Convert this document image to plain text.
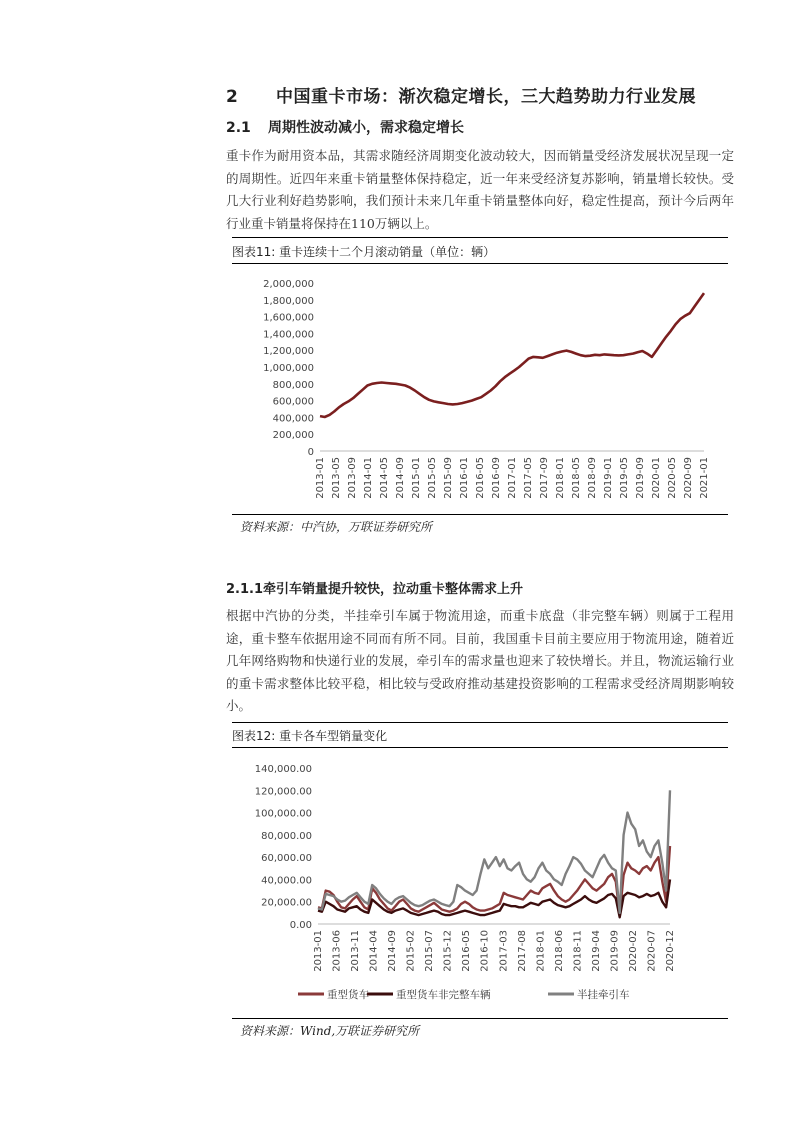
2 中国重卡市场：渐次稳定增长，三大趋势助力行业发展
2.1 周期性波动减小，需求稳定增长

重卡作为耐用资本品，其需求随经济周期变化波动较大，因而销量受经济发展状况呈现一定的周期性。近四年来重卡销量整体保持稳定，近一年来受经济复苏影响，销量增长较快。受几大行业利好趋势影响，我们预计未来几年重卡销量整体向好，稳定性提高，预计今后两年行业重卡销量将保持在110万辆以上。

图表11: 重卡连续十二个月滚动销量（单位：辆）
2,000,000
1,800,000
1,600,000
1,400,000
1,200,000
1,000,000
800,000
600,000
400,000
200,000
0
2013-01 2013-05 2013-09 2014-01 2014-05 2014-09 2015-01 2015-05 2015-09 2016-01 2016-05 2016-09 2017-01 2017-05 2017-09 2018-01 2018-05 2018-09 2019-01 2019-05 2019-09 2020-01 2020-05 2020-09 2021-01
资料来源：中汽协，万联证券研究所
2.1.1牵引车销量提升较快，拉动重卡整体需求上升

根据中汽协的分类，半挂牵引车属于物流用途，而重卡底盘（非完整车辆）则属于工程用途，重卡整车依据用途不同而有所不同。目前，我国重卡目前主要应用于物流用途，随着近几年网络购物和快递行业的发展，牵引车的需求量也迎来了较快增长。并且，物流运输行业的重卡需求整体比较平稳，相比较与受政府推动基建投资影响的工程需求受经济周期影响较小。

图表12: 重卡各车型销量变化
140,000.00
120,000.00
100,000.00
80,000.00
60,000.00
40,000.00
20,000.00
0.00
2013-01 2013-06 2013-11 2014-04 2014-09 2015-02 2015-07 2015-12 2016-05 2016-10 2017-03 2017-08 2018-01 2018-06 2018-11 2019-04 2019-09 2020-02 2020-07 2020-12
重型货车	重型货车非完整车辆	半挂牵引车
资料来源：Wind,万联证券研究所
